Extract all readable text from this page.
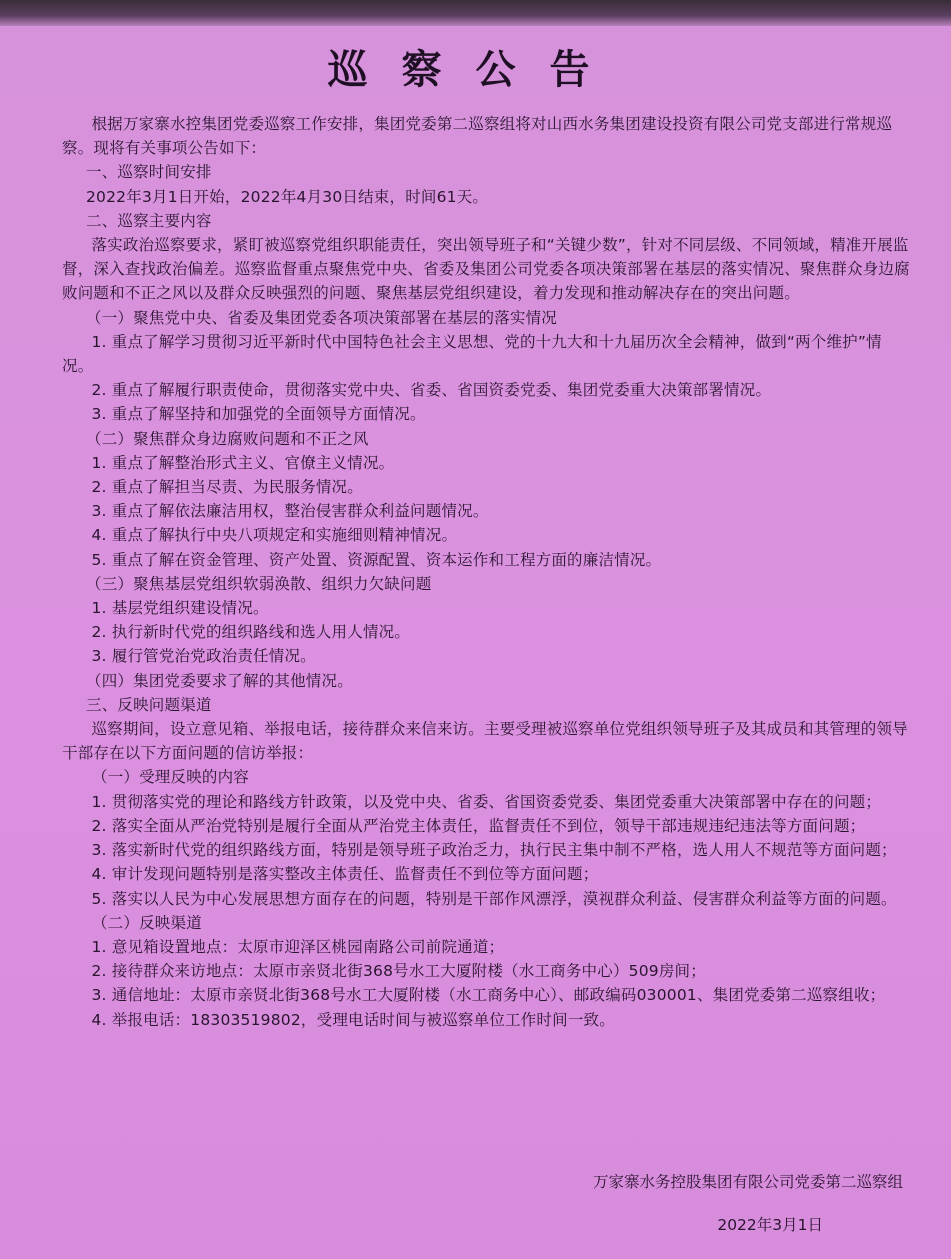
巡察公告

根据万家寨水控集团党委巡察工作安排，集团党委第二巡察组将对山西水务集团建设投资有限公司党支部进行常规巡察。现将有关事项公告如下：

一、巡察时间安排

2022年3月1日开始，2022年4月30日结束，时间61天。

二、巡察主要内容

落实政治巡察要求，紧盯被巡察党组织职能责任，突出领导班子和“关键少数”，针对不同层级、不同领域，精准开展监督，深入查找政治偏差。巡察监督重点聚焦党中央、省委及集团公司党委各项决策部署在基层的落实情况、聚焦群众身边腐败问题和不正之风以及群众反映强烈的问题、聚焦基层党组织建设，着力发现和推动解决存在的突出问题。

（一）聚焦党中央、省委及集团党委各项决策部署在基层的落实情况

1. 重点了解学习贯彻习近平新时代中国特色社会主义思想、党的十九大和十九届历次全会精神，做到“两个维护”情况。

2. 重点了解履行职责使命，贯彻落实党中央、省委、省国资委党委、集团党委重大决策部署情况。

3. 重点了解坚持和加强党的全面领导方面情况。

（二）聚焦群众身边腐败问题和不正之风

1. 重点了解整治形式主义、官僚主义情况。

2. 重点了解担当尽责、为民服务情况。

3. 重点了解依法廉洁用权，整治侵害群众利益问题情况。

4. 重点了解执行中央八项规定和实施细则精神情况。

5. 重点了解在资金管理、资产处置、资源配置、资本运作和工程方面的廉洁情况。

（三）聚焦基层党组织软弱涣散、组织力欠缺问题

1. 基层党组织建设情况。

2. 执行新时代党的组织路线和选人用人情况。

3. 履行管党治党政治责任情况。

（四）集团党委要求了解的其他情况。

三、反映问题渠道

巡察期间，设立意见箱、举报电话，接待群众来信来访。主要受理被巡察单位党组织领导班子及其成员和其管理的领导干部存在以下方面问题的信访举报：

（一）受理反映的内容

1. 贯彻落实党的理论和路线方针政策，以及党中央、省委、省国资委党委、集团党委重大决策部署中存在的问题；

2. 落实全面从严治党特别是履行全面从严治党主体责任，监督责任不到位，领导干部违规违纪违法等方面问题；

3. 落实新时代党的组织路线方面，特别是领导班子政治乏力，执行民主集中制不严格，选人用人不规范等方面问题；

4. 审计发现问题特别是落实整改主体责任、监督责任不到位等方面问题；

5. 落实以人民为中心发展思想方面存在的问题，特别是干部作风漂浮，漠视群众利益、侵害群众利益等方面的问题。

（二）反映渠道

1. 意见箱设置地点：太原市迎泽区桃园南路公司前院通道；

2. 接待群众来访地点：太原市亲贤北街368号水工大厦附楼（水工商务中心）509房间；

3. 通信地址：太原市亲贤北街368号水工大厦附楼（水工商务中心）、邮政编码030001、集团党委第二巡察组收；

4. 举报电话：18303519802，受理电话时间与被巡察单位工作时间一致。

万家寨水务控股集团有限公司党委第二巡察组
2022年3月1日
